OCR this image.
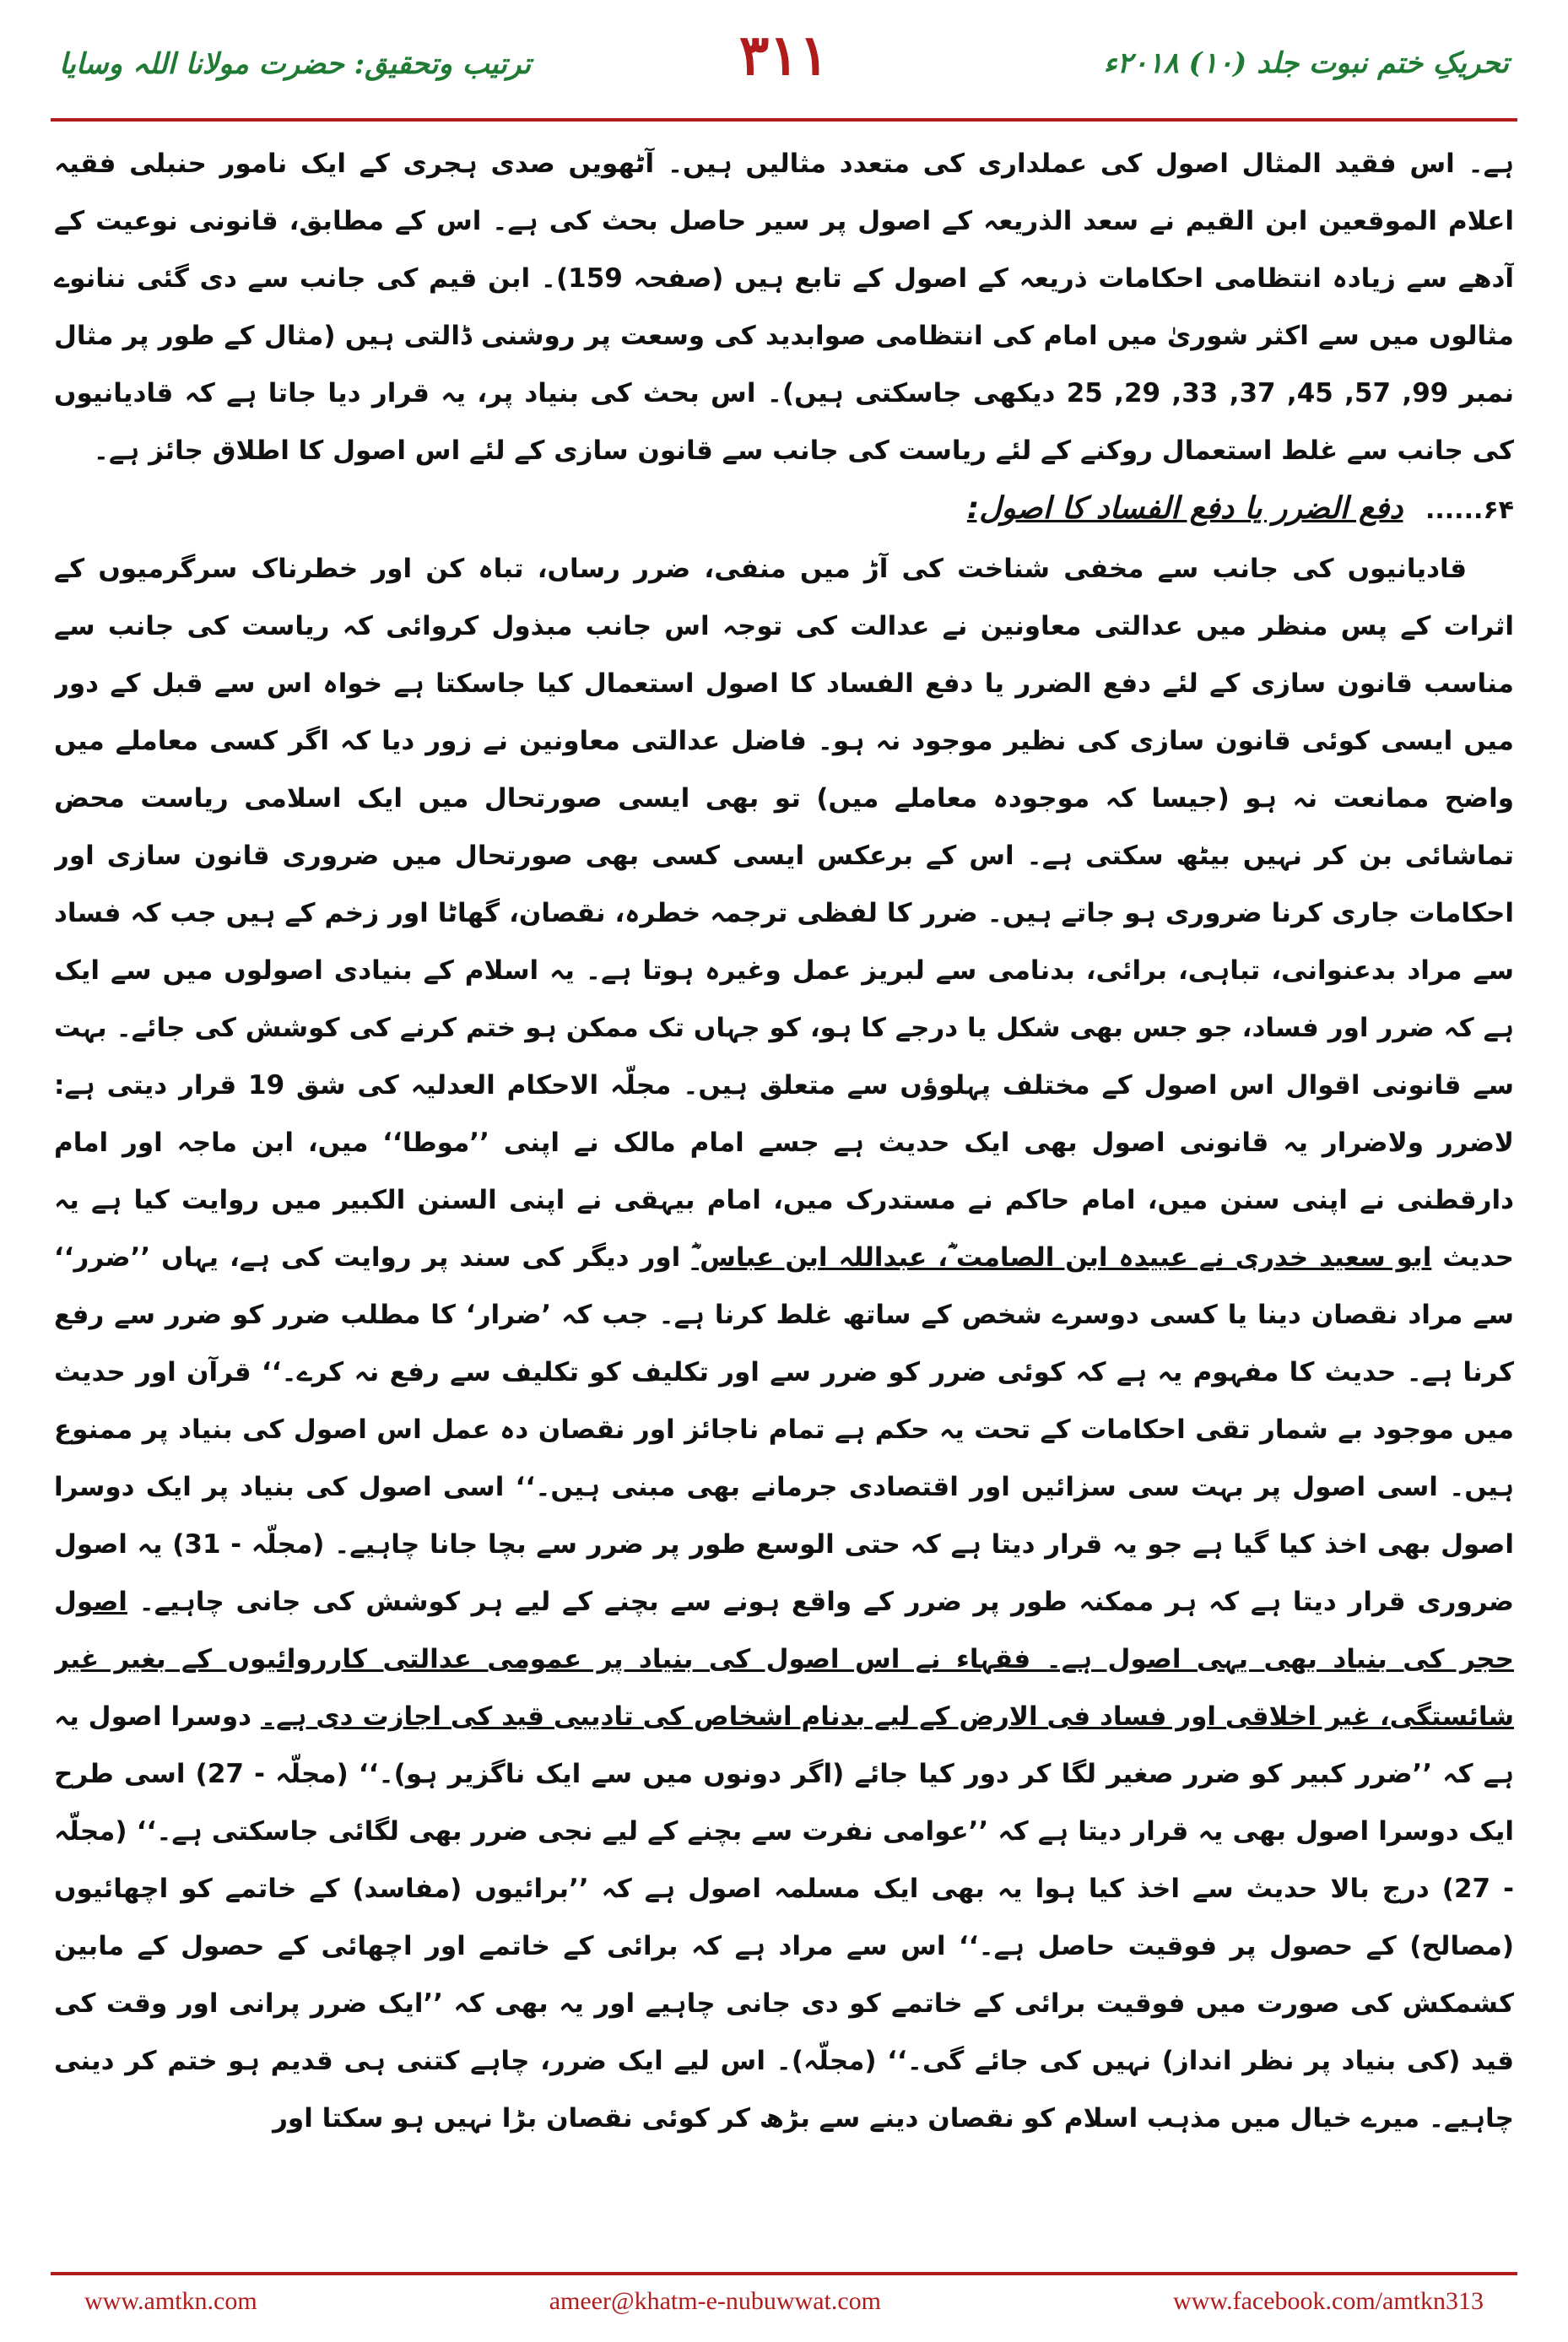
تحریکِ ختم نبوت جلد (۱۰) ۲۰۱۸ء
۳۱۱
ترتیب وتحقیق: حضرت مولانا اللہ وسایا

ہے۔ اس فقید المثال اصول کی عملداری کی متعدد مثالیں ہیں۔ آٹھویں صدی ہجری کے ایک نامور حنبلی فقیہ اعلام الموقعین ابن القیم نے سعد الذریعہ کے اصول پر سیر حاصل بحث کی ہے۔ اس کے مطابق، قانونی نوعیت کے آدھے سے زیادہ انتظامی احکامات ذریعہ کے اصول کے تابع ہیں (صفحہ 159)۔ ابن قیم کی جانب سے دی گئی ننانوے مثالوں میں سے اکثر شوریٰ میں امام کی انتظامی صوابدید کی وسعت پر روشنی ڈالتی ہیں (مثال کے طور پر مثال نمبر 99, 57, 45, 37, 33, 29, 25 دیکھی جاسکتی ہیں)۔ اس بحث کی بنیاد پر، یہ قرار دیا جاتا ہے کہ قادیانیوں کی جانب سے غلط استعمال روکنے کے لئے ریاست کی جانب سے قانون سازی کے لئے اس اصول کا اطلاق جائز ہے۔

۶۴...... دفع الضرر یا دفع الفساد کا اصول:

قادیانیوں کی جانب سے مخفی شناخت کی آڑ میں منفی، ضرر رساں، تباہ کن اور خطرناک سرگرمیوں کے اثرات کے پس منظر میں عدالتی معاونین نے عدالت کی توجہ اس جانب مبذول کروائی کہ ریاست کی جانب سے مناسب قانون سازی کے لئے دفع الضرر یا دفع الفساد کا اصول استعمال کیا جاسکتا ہے خواہ اس سے قبل کے دور میں ایسی کوئی قانون سازی کی نظیر موجود نہ ہو۔ فاضل عدالتی معاونین نے زور دیا کہ اگر کسی معاملے میں واضح ممانعت نہ ہو (جیسا کہ موجودہ معاملے میں) تو بھی ایسی صورتحال میں ایک اسلامی ریاست محض تماشائی بن کر نہیں بیٹھ سکتی ہے۔ اس کے برعکس ایسی کسی بھی صورتحال میں ضروری قانون سازی اور احکامات جاری کرنا ضروری ہو جاتے ہیں۔ ضرر کا لفظی ترجمہ خطرہ، نقصان، گھاٹا اور زخم کے ہیں جب کہ فساد سے مراد بدعنوانی، تباہی، برائی، بدنامی سے لبریز عمل وغیرہ ہوتا ہے۔ یہ اسلام کے بنیادی اصولوں میں سے ایک ہے کہ ضرر اور فساد، جو جس بھی شکل یا درجے کا ہو، کو جہاں تک ممکن ہو ختم کرنے کی کوشش کی جائے۔ بہت سے قانونی اقوال اس اصول کے مختلف پہلوؤں سے متعلق ہیں۔ مجلّہ الاحکام العدلیہ کی شق 19 قرار دیتی ہے: لاضرر ولاضرار یہ قانونی اصول بھی ایک حدیث ہے جسے امام مالک نے اپنی ’’موطا‘‘ میں، ابن ماجہ اور امام دارقطنی نے اپنی سنن میں، امام حاکم نے مستدرک میں، امام بیہقی نے اپنی السنن الکبیر میں روایت کیا ہے یہ حدیث ابو سعید خدری نے عبیدہ ابن الصامت ؓ، عبداللہ ابن عباس ؓ اور دیگر کی سند پر روایت کی ہے، یہاں ’’ضرر‘‘ سے مراد نقصان دینا یا کسی دوسرے شخص کے ساتھ غلط کرنا ہے۔ جب کہ ’ضرار‘ کا مطلب ضرر کو ضرر سے رفع کرنا ہے۔ حدیث کا مفہوم یہ ہے کہ کوئی ضرر کو ضرر سے اور تکلیف کو تکلیف سے رفع نہ کرے۔‘‘ قرآن اور حدیث میں موجود بے شمار تقی احکامات کے تحت یہ حکم ہے تمام ناجائز اور نقصان دہ عمل اس اصول کی بنیاد پر ممنوع ہیں۔ اسی اصول پر بہت سی سزائیں اور اقتصادی جرمانے بھی مبنی ہیں۔‘‘ اسی اصول کی بنیاد پر ایک دوسرا اصول بھی اخذ کیا گیا ہے جو یہ قرار دیتا ہے کہ حتی الوسع طور پر ضرر سے بچا جانا چاہیے۔ (مجلّہ - 31) یہ اصول ضروری قرار دیتا ہے کہ ہر ممکنہ طور پر ضرر کے واقع ہونے سے بچنے کے لیے ہر کوشش کی جانی چاہیے۔ اصول حجر کی بنیاد بھی یہی اصول ہے۔ فقہاء نے اس اصول کی بنیاد پر عمومی عدالتی کارروائیوں کے بغیر غیر شائستگی، غیر اخلاقی اور فساد فی الارض کے لیے بدنام اشخاص کی تادیبی قید کی اجازت دی ہے۔ دوسرا اصول یہ ہے کہ ’’ضرر کبیر کو ضرر صغیر لگا کر دور کیا جائے (اگر دونوں میں سے ایک ناگزیر ہو)۔‘‘ (مجلّہ - 27) اسی طرح ایک دوسرا اصول بھی یہ قرار دیتا ہے کہ ’’عوامی نفرت سے بچنے کے لیے نجی ضرر بھی لگائی جاسکتی ہے۔‘‘ (مجلّہ - 27) درج بالا حدیث سے اخذ کیا ہوا یہ بھی ایک مسلمہ اصول ہے کہ ’’برائیوں (مفاسد) کے خاتمے کو اچھائیوں (مصالح) کے حصول پر فوقیت حاصل ہے۔‘‘ اس سے مراد ہے کہ برائی کے خاتمے اور اچھائی کے حصول کے مابین کشمکش کی صورت میں فوقیت برائی کے خاتمے کو دی جانی چاہیے اور یہ بھی کہ ’’ایک ضرر پرانی اور وقت کی قید (کی بنیاد پر نظر انداز) نہیں کی جائے گی۔‘‘ (مجلّہ)۔ اس لیے ایک ضرر، چاہے کتنی ہی قدیم ہو ختم کر دینی چاہیے۔ میرے خیال میں مذہب اسلام کو نقصان دینے سے بڑھ کر کوئی نقصان بڑا نہیں ہو سکتا اور

www.amtkn.com	ameer@khatm-e-nubuwwat.com	www.facebook.com/amtkn313
